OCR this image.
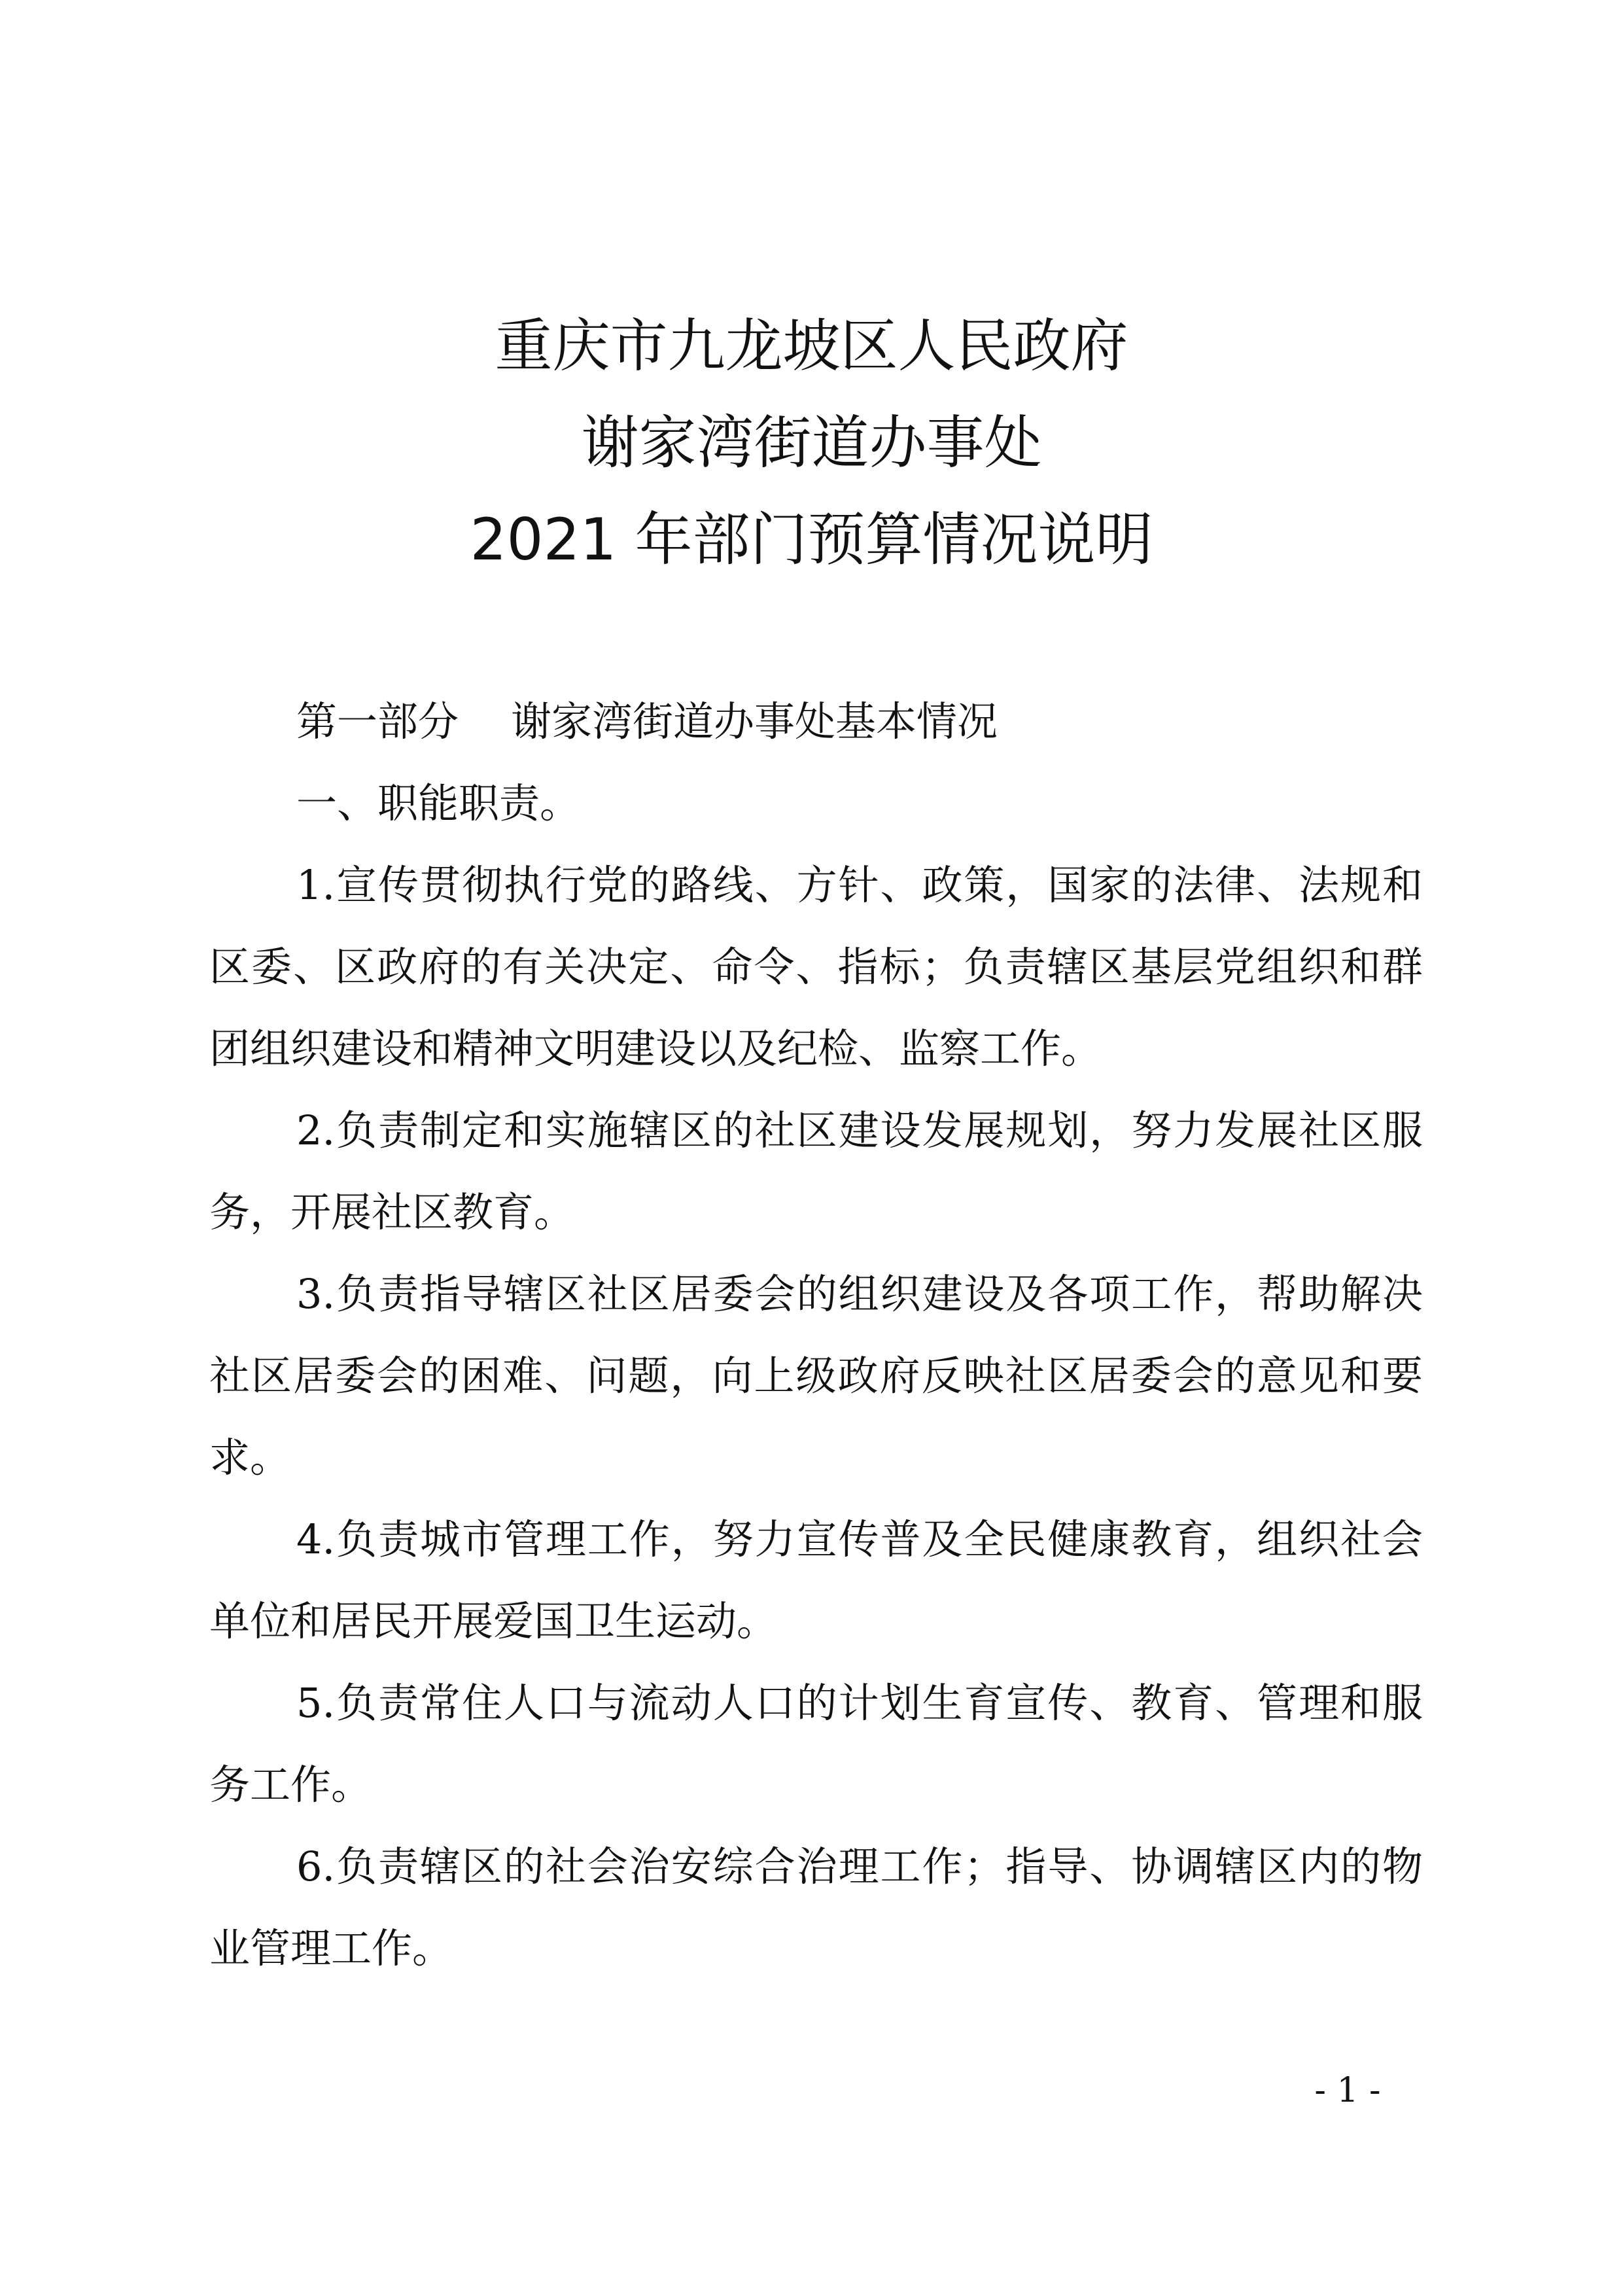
重庆市九龙坡区人民政府
谢家湾街道办事处
2021 年部门预算情况说明

第一部分 谢家湾街道办事处基本情况

一、职能职责。

1.宣传贯彻执行党的路线、方针、政策，国家的法律、法规和区委、区政府的有关决定、命令、指标；负责辖区基层党组织和群团组织建设和精神文明建设以及纪检、监察工作。

2.负责制定和实施辖区的社区建设发展规划，努力发展社区服务，开展社区教育。

3.负责指导辖区社区居委会的组织建设及各项工作，帮助解决社区居委会的困难、问题，向上级政府反映社区居委会的意见和要求。

4.负责城市管理工作，努力宣传普及全民健康教育，组织社会单位和居民开展爱国卫生运动。

5.负责常住人口与流动人口的计划生育宣传、教育、管理和服务工作。

6.负责辖区的社会治安综合治理工作；指导、协调辖区内的物业管理工作。

- 1 -
